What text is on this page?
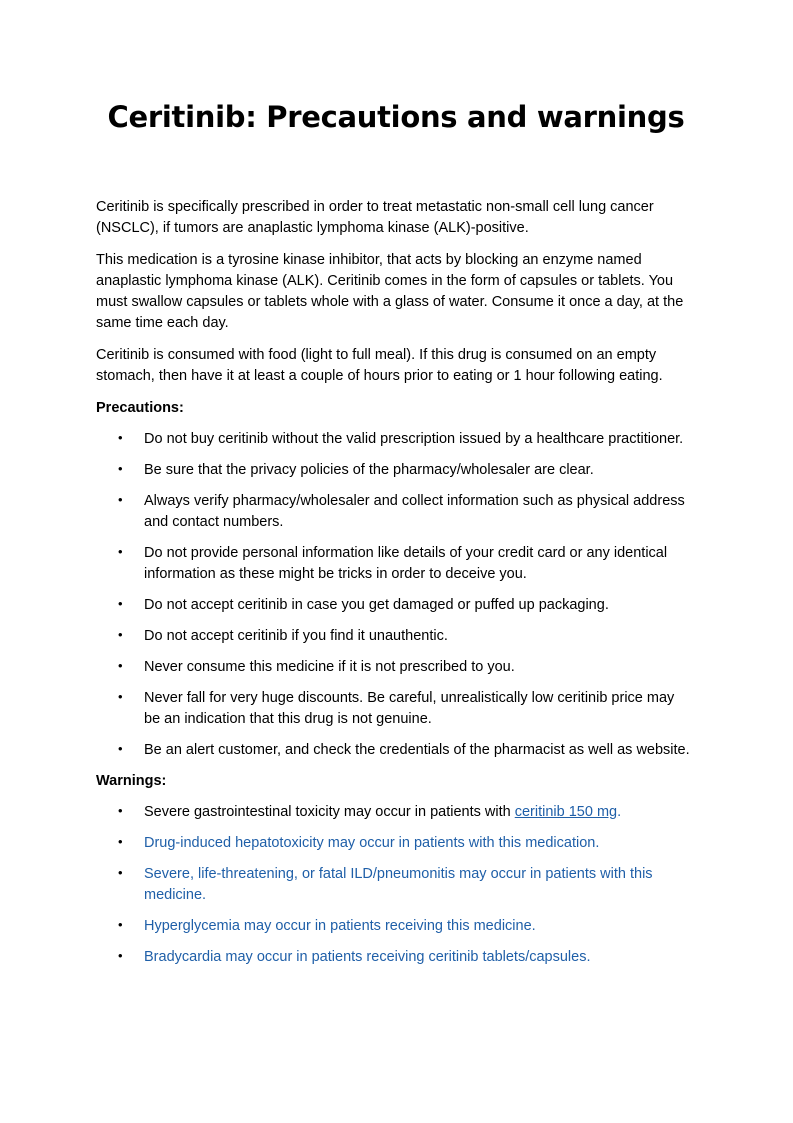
Ceritinib: Precautions and warnings

Ceritinib is specifically prescribed in order to treat metastatic non-small cell lung cancer (NSCLC), if tumors are anaplastic lymphoma kinase (ALK)-positive.

This medication is a tyrosine kinase inhibitor, that acts by blocking an enzyme named anaplastic lymphoma kinase (ALK). Ceritinib comes in the form of capsules or tablets. You must swallow capsules or tablets whole with a glass of water. Consume it once a day, at the same time each day.

Ceritinib is consumed with food (light to full meal). If this drug is consumed on an empty stomach, then have it at least a couple of hours prior to eating or 1 hour following eating.

Precautions:

• Do not buy ceritinib without the valid prescription issued by a healthcare practitioner.
• Be sure that the privacy policies of the pharmacy/wholesaler are clear.
• Always verify pharmacy/wholesaler and collect information such as physical address and contact numbers.
• Do not provide personal information like details of your credit card or any identical information as these might be tricks in order to deceive you.
• Do not accept ceritinib in case you get damaged or puffed up packaging.
• Do not accept ceritinib if you find it unauthentic.
• Never consume this medicine if it is not prescribed to you.
• Never fall for very huge discounts. Be careful, unrealistically low ceritinib price may be an indication that this drug is not genuine.
• Be an alert customer, and check the credentials of the pharmacist as well as website.

Warnings:

• Severe gastrointestinal toxicity may occur in patients with ceritinib 150 mg.
• Drug-induced hepatotoxicity may occur in patients with this medication.
• Severe, life-threatening, or fatal ILD/pneumonitis may occur in patients with this medicine.
• Hyperglycemia may occur in patients receiving this medicine.
• Bradycardia may occur in patients receiving ceritinib tablets/capsules.
